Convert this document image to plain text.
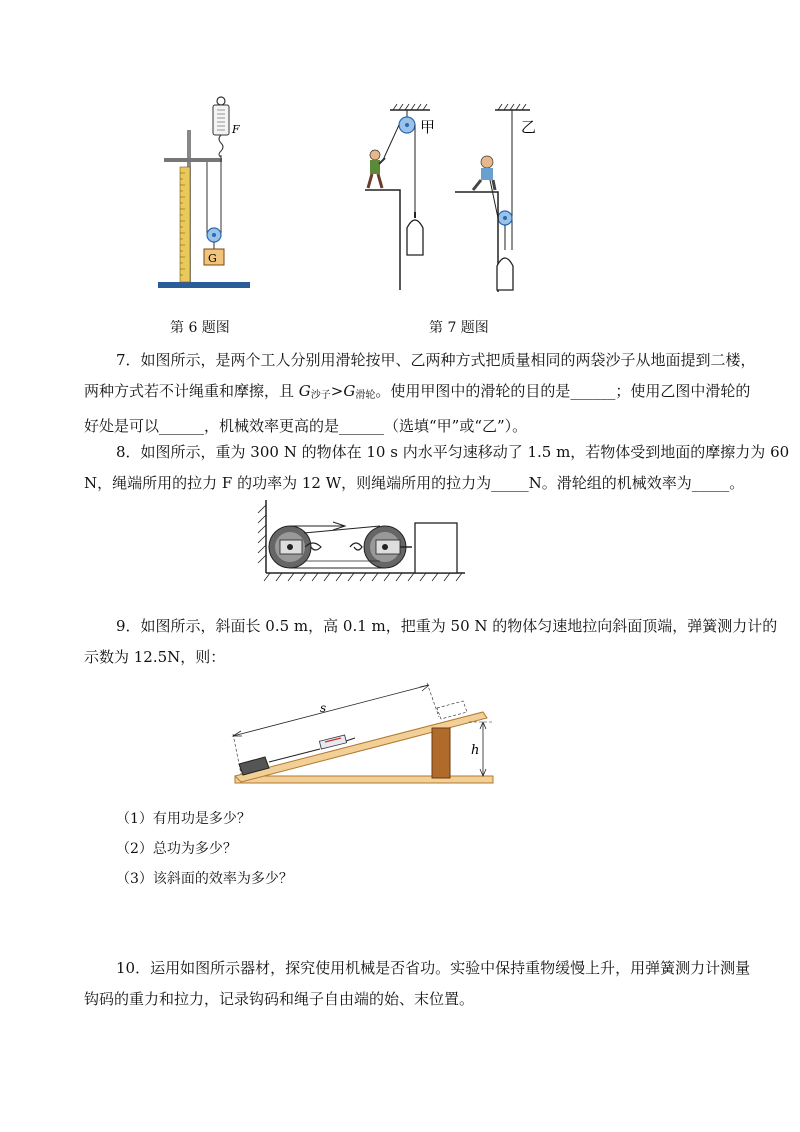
F
G
甲	乙
第 6 题图	第 7 题图
7．如图所示，是两个工人分别用滑轮按甲、乙两种方式把质量相同的两袋沙子从地面提到二楼，
两种方式若不计绳重和摩擦，且 $G_{沙子}>G_{滑轮}$。使用甲图中的滑轮的目的是______；使用乙图中滑轮的
好处是可以______，机械效率更高的是______（选填“甲”或“乙”）。
8．如图所示，重为 300 N 的物体在 10 s 内水平匀速移动了 1.5 m，若物体受到地面的摩擦力为 60
N，绳端所用的拉力 F 的功率为 12 W，则绳端所用的拉力为_____N。滑轮组的机械效率为_____。
9．如图所示，斜面长 0.5 m，高 0.1 m，把重为 50 N 的物体匀速地拉向斜面顶端，弹簧测力计的
示数为 12.5N，则：
s
h
（1）有用功是多少？
（2）总功为多少？
（3）该斜面的效率为多少？
10．运用如图所示器材，探究使用机械是否省功。实验中保持重物缓慢上升，用弹簧测力计测量
钩码的重力和拉力，记录钩码和绳子自由端的始、末位置。
